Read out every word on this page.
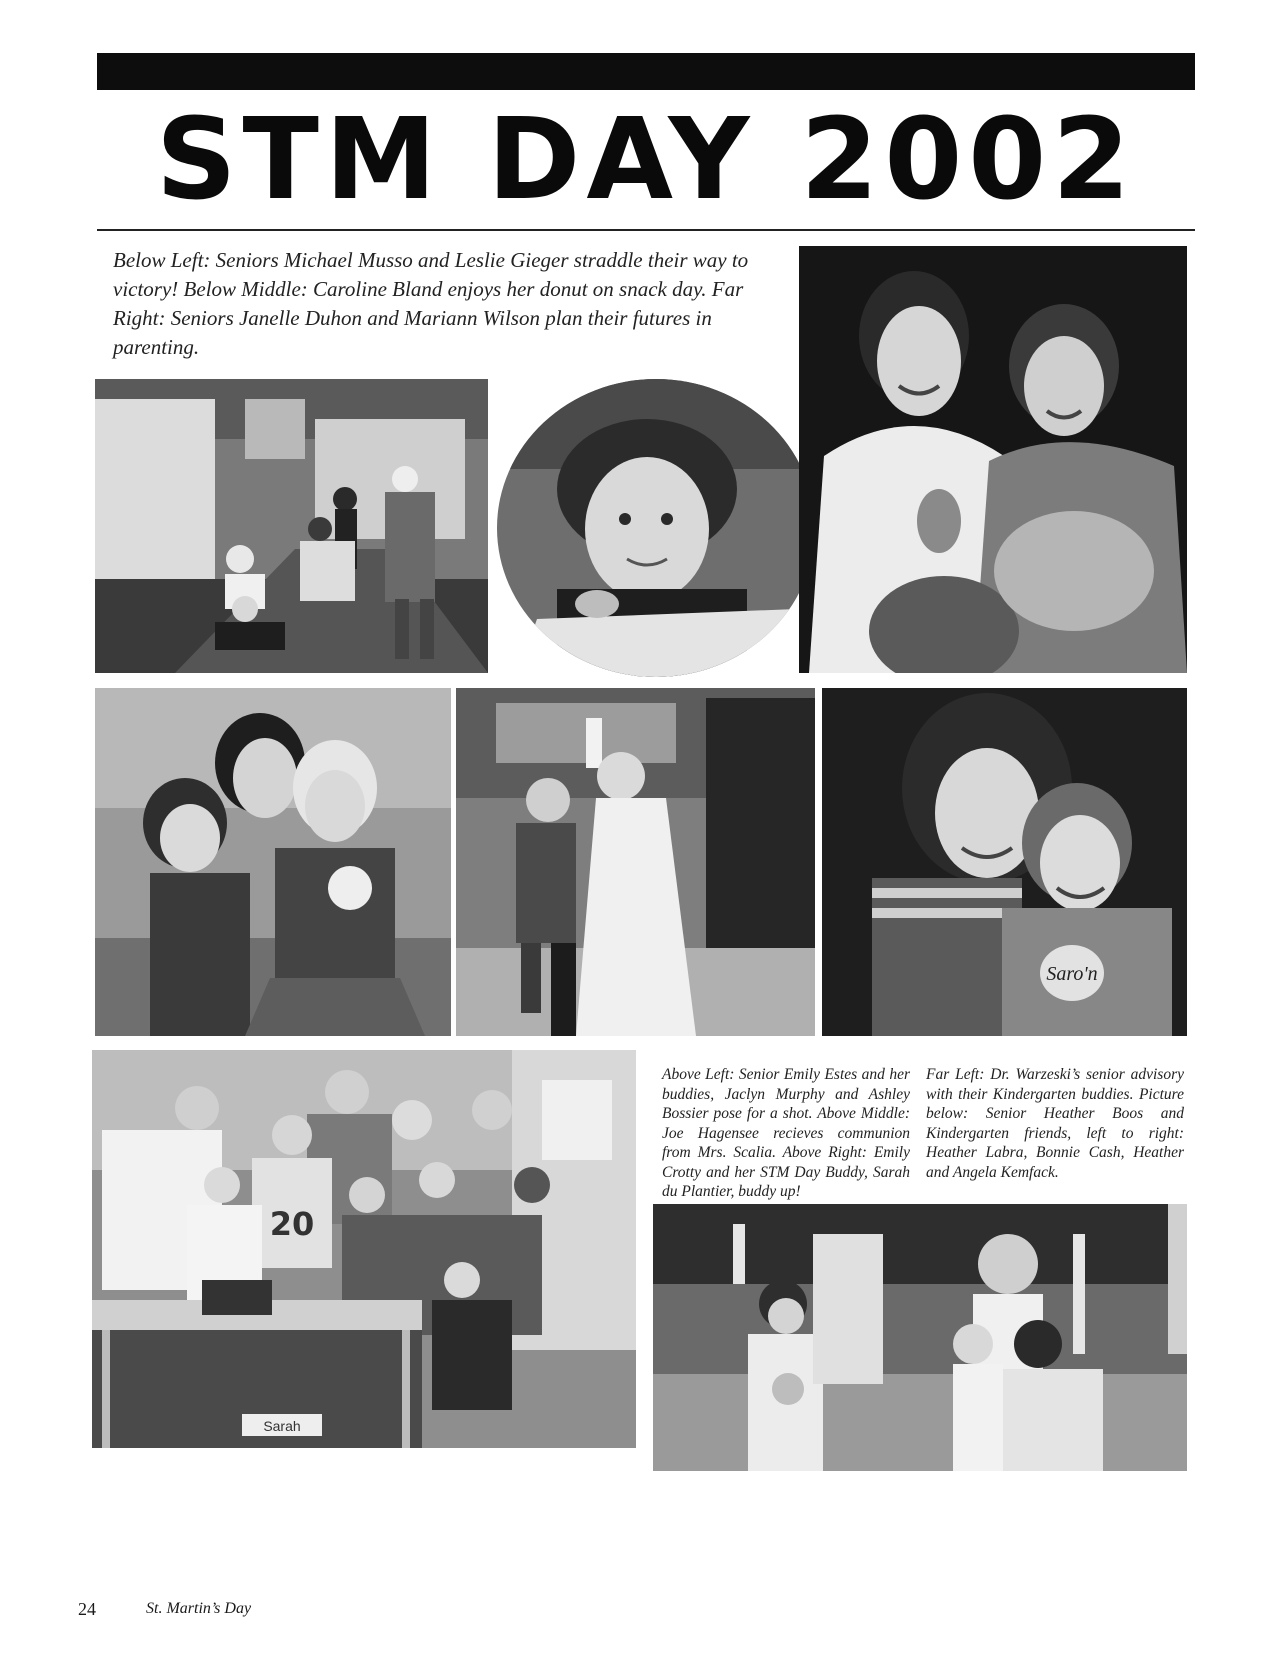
STM DAY 2002
Below Left: Seniors Michael Musso and Leslie Gieger straddle their way to victory! Below Middle: Caroline Bland enjoys her donut on snack day. Far Right: Seniors Janelle Duhon and Mariann Wilson plan their futures in parenting.
Saro'n
20
Sarah
Above Left: Senior Emily Estes and her buddies, Jaclyn Murphy and Ashley Bossier pose for a shot. Above Middle: Joe Hagensee recieves communion from Mrs. Scalia. Above Right: Emily Crotty and her STM Day Buddy, Sarah du Plantier, buddy up!
Far Left: Dr. Warzeski’s senior advisory with their Kindergarten buddies. Picture below: Senior Heather Boos and Kindergarten friends, left to right: Heather Labra, Bonnie Cash, Heather and Angela Kemfack.
24	St. Martin’s Day
